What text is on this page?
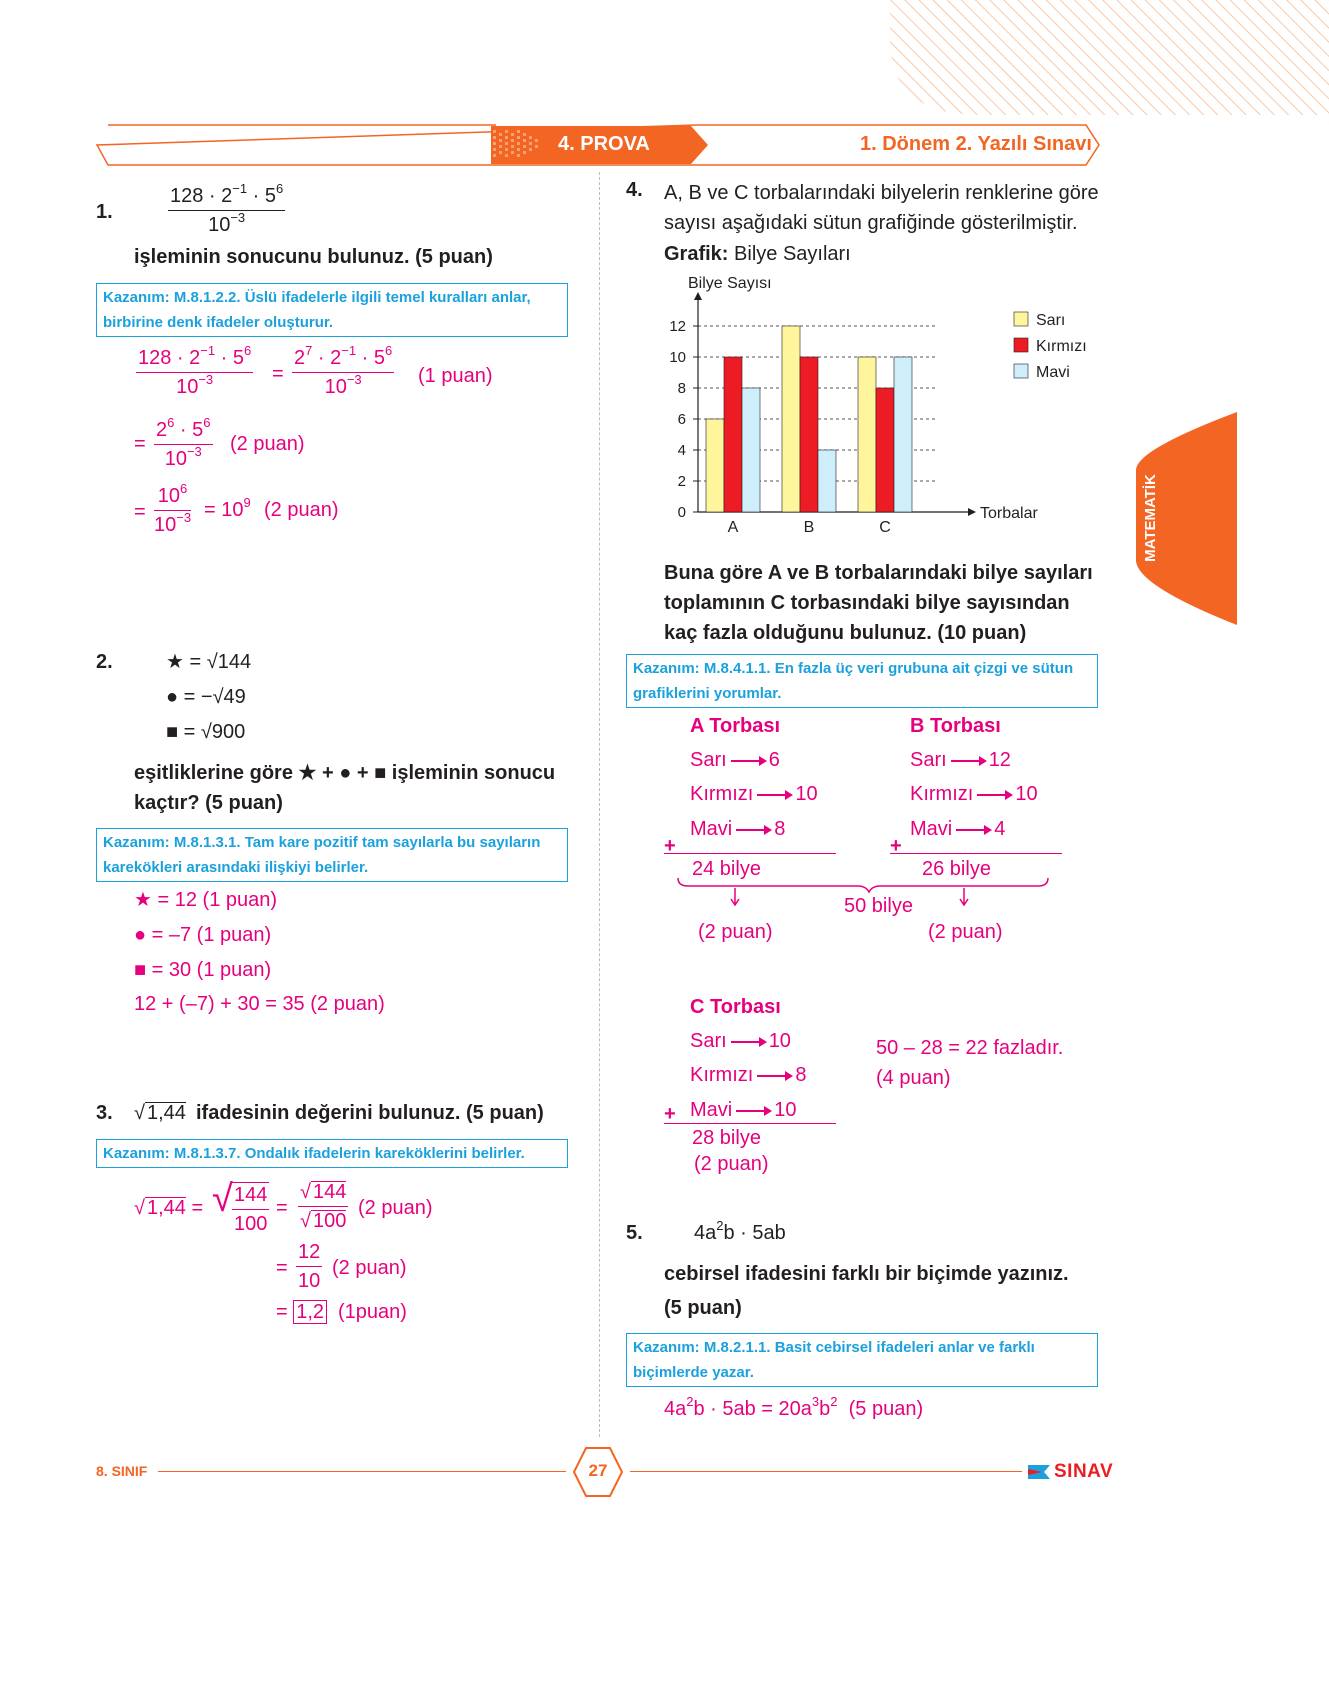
4. PROVA	1. Dönem 2. Yazılı Sınavı
MATEMATİK
1.
$128 \cdot 2^{-1} \cdot 5^6$
$10^{-3}$
işleminin sonucunu bulunuz. (5 puan)
Kazanım: M.8.1.2.2. Üslü ifadelerle ilgili temel kuralları anlar, birbirine denk ifadeler oluşturur.
$128 \cdot 2^{-1} \cdot 5^6$
$10^{-3}$	=
$2^7 \cdot 2^{-1} \cdot 5^6$
$10^{-3}$	(1 puan)
=
$2^6 \cdot 5^6$
$10^{-3}$ (2 puan)
=
$10^6$
$10^{-3} = 10^9$ (2 puan)
2.	★ = √144
● = −√49
■ = √900
eşitliklerine göre ★ + ● + ■ işleminin sonucu
kaçtır? (5 puan)
Kazanım: M.8.1.3.1. Tam kare pozitif tam sayılarla bu sayıların karekökleri arasındaki ilişkiyi belirler.
★ = 12 (1 puan)
● = –7 (1 puan)
■ = 30 (1 puan)
12 + (–7) + 30 = 35 (2 puan)
3. √ 1,44 ifadesinin değerini bulunuz. (5 puan)
Kazanım: M.8.1.3.7. Ondalık ifadelerin kareköklerini belirler.
√ 1,44 = √ 144
100
=
√ 144
√ 100
(2 puan)
=
12
10
(2 puan)
= 1,2 (1puan)
4. A, B ve C torbalarındaki bilyelerin renklerine göre sayısı aşağıdaki sütun grafiğinde gösterilmiştir.
Grafik: Bilye Sayıları
Bilye Sayısı
0
2
4
6
8
10
12
Torbalar
A	B	C
Sarı
Kırmızı
Mavi
Buna göre A ve B torbalarındaki bilye sayıları toplamının C torbasındaki bilye sayısından kaç fazla olduğunu bulunuz. (10 puan)
Kazanım: M.8.4.1.1. En fazla üç veri grubuna ait çizgi ve sütun grafiklerini yorumlar.
A Torbası
Sarı 6
Kırmızı 10
Mavi 8
+
24 bilye
B Torbası
Sarı 12
Kırmızı 10
Mavi 4
+
26 bilye
50 bilye
(2 puan)	(2 puan)
C Torbası
Sarı 10
Kırmızı 8
Mavi 10
+
28 bilye
(2 puan)
50 – 28 = 22 fazladır.
(4 puan)
5.	$4a^2b \cdot 5ab$
cebirsel ifadesini farklı bir biçimde yazınız.
(5 puan)
Kazanım: M.8.2.1.1. Basit cebirsel ifadeleri anlar ve farklı biçimlerde yazar.
$4a^2b \cdot 5ab = 20a^3b^2$ (5 puan)
8. SINIF	27	SINAV
